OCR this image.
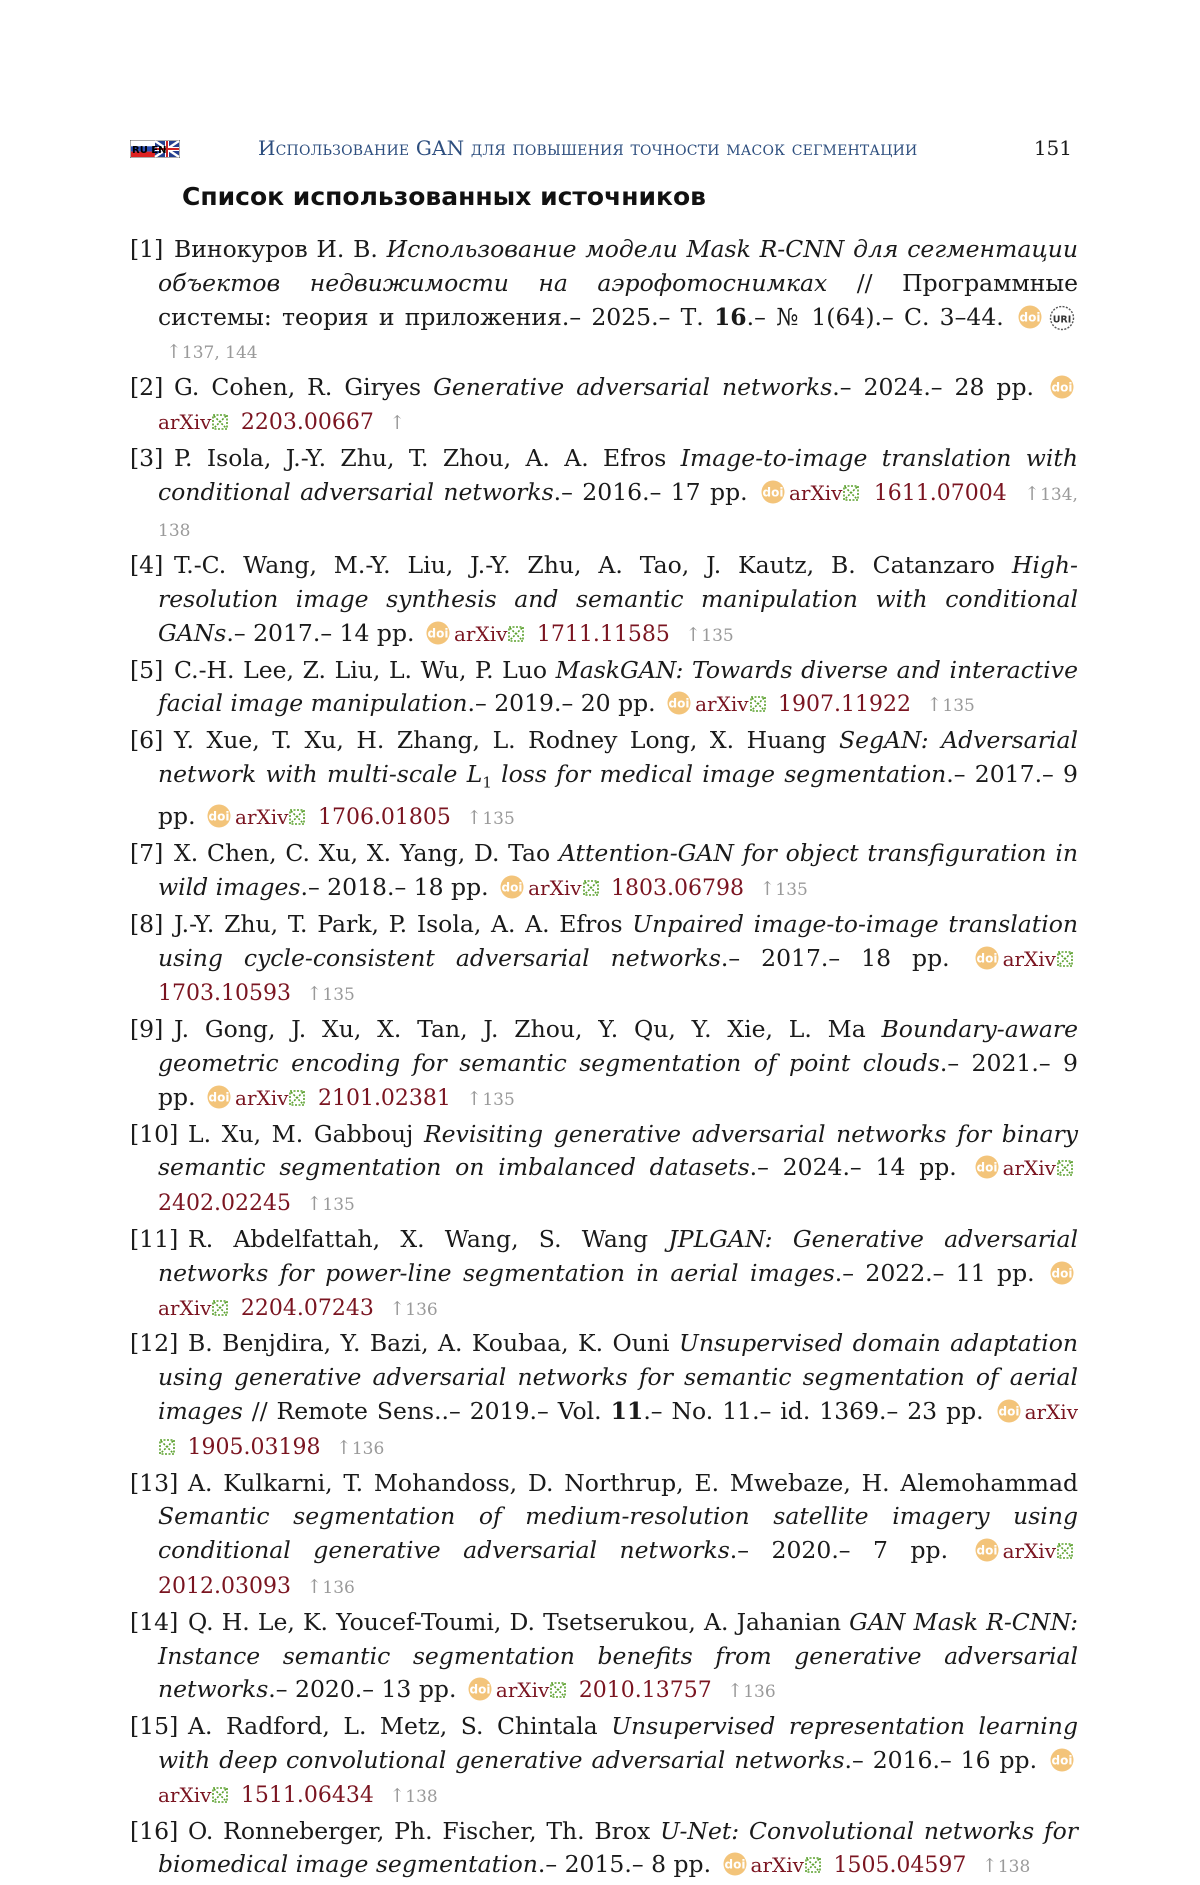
RU EN	Использование GAN для повышения точности масок сегментации	151
Список использованных источников
[1] Винокуров И. В. Использование модели Mask R-CNN для сегментации объектов недвижимости на аэрофотоснимках // Программные системы: теория и приложения.– 2025.– Т. 16.– № 1(64).– С. 3–44.	URI
↑137, 144
[2] G. Cohen, R. Giryes Generative adversarial networks.– 2024.– 28 pp. arXiv 2203.00667 ↑
[3] P. Isola, J.-Y. Zhu, T. Zhou, A. A. Efros Image-to-image translation with conditional adversarial networks.– 2016.– 17 pp. arXiv 1611.07004 ↑134, 138
[4] T.-C. Wang, M.-Y. Liu, J.-Y. Zhu, A. Tao, J. Kautz, B. Catanzaro High-resolution image synthesis and semantic manipulation with conditional GANs.– 2017.– 14 pp. arXiv 1711.11585 ↑135
[5] C.-H. Lee, Z. Liu, L. Wu, P. Luo MaskGAN: Towards diverse and interactive facial image manipulation.– 2019.– 20 pp. arXiv 1907.11922 ↑135
[6] Y. Xue, T. Xu, H. Zhang, L. Rodney Long, X. Huang SegAN: Adversarial network with multi-scale $L_1$ loss for medical image segmentation.– 2017.– 9 pp. arXiv 1706.01805 ↑135
[7] X. Chen, C. Xu, X. Yang, D. Tao Attention-GAN for object transfiguration in wild images.– 2018.– 18 pp. arXiv 1803.06798 ↑135
[8] J.-Y. Zhu, T. Park, P. Isola, A. A. Efros Unpaired image-to-image translation using cycle-consistent adversarial networks.– 2017.– 18 pp.	arXiv 1703.10593 ↑135
[9] J. Gong, J. Xu, X. Tan, J. Zhou, Y. Qu, Y. Xie, L. Ma Boundary-aware geometric encoding for semantic segmentation of point clouds.– 2021.– 9 pp. arXiv 2101.02381 ↑135
[10] L. Xu, M. Gabbouj Revisiting generative adversarial networks for binary semantic segmentation on imbalanced datasets.– 2024.– 14 pp. arXiv 2402.02245 ↑135
[11] R. Abdelfattah, X. Wang, S. Wang JPLGAN: Generative adversarial networks for power-line segmentation in aerial images.– 2022.– 11 pp. arXiv 2204.07243 ↑136
[12] B. Benjdira, Y. Bazi, A. Koubaa, K. Ouni Unsupervised domain adaptation using generative adversarial networks for semantic segmentation of aerial images // Remote Sens..– 2019.– Vol. 11.– No. 11.– id. 1369.– 23 pp. arXiv 1905.03198 ↑136
[13] A. Kulkarni, T. Mohandoss, D. Northrup, E. Mwebaze, H. Alemohammad Semantic segmentation of medium-resolution satellite imagery using conditional generative adversarial networks.– 2020.– 7 pp.	arXiv 2012.03093 ↑136
[14] Q. H. Le, K. Youcef-Toumi, D. Tsetserukou, A. Jahanian GAN Mask R-CNN: Instance semantic segmentation benefits from generative adversarial networks.– 2020.– 13 pp. arXiv 2010.13757 ↑136
[15] A. Radford, L. Metz, S. Chintala Unsupervised representation learning with deep convolutional generative adversarial networks.– 2016.– 16 pp. arXiv 1511.06434 ↑138
[16] O. Ronneberger, Ph. Fischer, Th. Brox U-Net: Convolutional networks for biomedical image segmentation.– 2015.– 8 pp. arXiv 1505.04597 ↑138
